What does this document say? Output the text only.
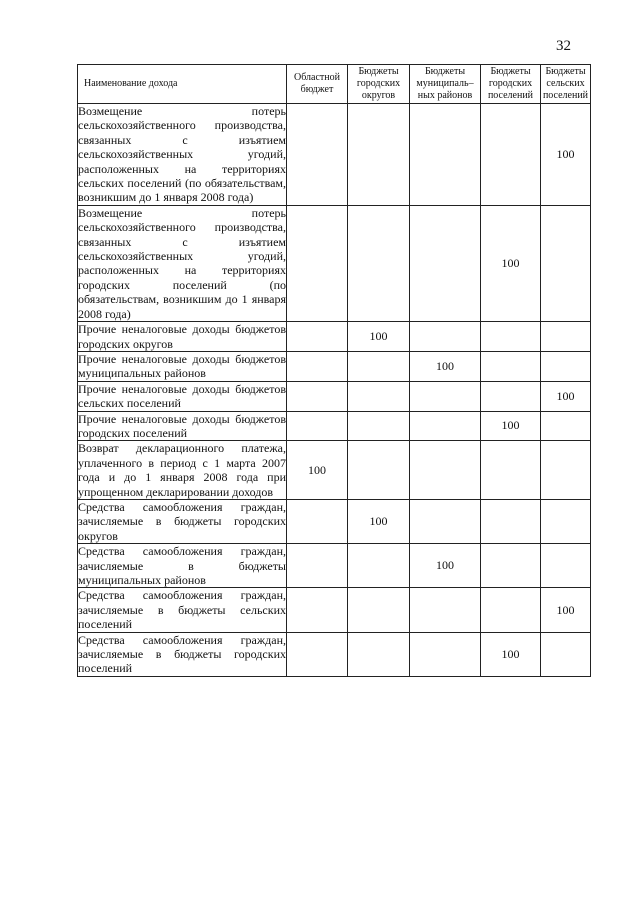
32
Наименование дохода	Областной бюджет	Бюджеты городских округов	Бюджеты муниципаль– ных районов	Бюджеты городских поселений	Бюджеты сельских поселений
Возмещение потерь сельскохозяйственного производства, связанных с изъятием сельскохозяйственных угодий, расположенных на территориях сельских поселений (по обязательствам, возникшим до 1 января 2008 года)					100
Возмещение потерь сельскохозяйственного производства, связанных с изъятием сельскохозяйственных угодий, расположенных на территориях городских поселений (по обязательствам, возникшим до 1 января 2008 года)				100	
Прочие неналоговые доходы бюджетов городских округов		100			
Прочие неналоговые доходы бюджетов муниципальных районов			100		
Прочие неналоговые доходы бюджетов сельских поселений					100
Прочие неналоговые доходы бюджетов городских поселений				100	
Возврат декларационного платежа, уплаченного в период с 1 марта 2007 года и до 1 января 2008 года при упрощенном декларировании доходов	100				
Средства самообложения граждан, зачисляемые в бюджеты городских округов		100			
Средства самообложения граждан, зачисляемые в бюджеты муниципальных районов			100		
Средства самообложения граждан, зачисляемые в бюджеты сельских поселений					100
Средства самообложения граждан, зачисляемые в бюджеты городских поселений				100	
